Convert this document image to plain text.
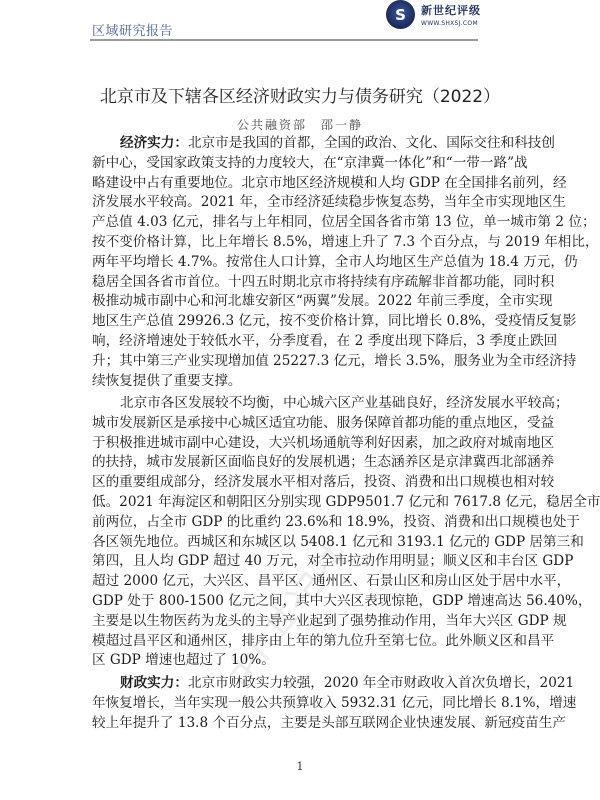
区域研究报告
S	新世纪评级
WWW.SHXSJ.COM
北京市及下辖各区经济财政实力与债务研究（2022）
公共融资部　邵一静
经济实力：北京市是我国的首都，全国的政治、文化、国际交往和科技创
新中心，受国家政策支持的力度较大，在“京津冀一体化”和“一带一路”战
略建设中占有重要地位。北京市地区经济规模和人均 GDP 在全国排名前列，经
济发展水平较高。2021 年，全市经济延续稳步恢复态势，当年全市实现地区生
产总值 4.03 亿元，排名与上年相同，位居全国各省市第 13 位，单一城市第 2 位；
按不变价格计算，比上年增长 8.5%，增速上升了 7.3 个百分点，与 2019 年相比，
两年平均增长 4.7%。按常住人口计算，全市人均地区生产总值为 18.4 万元，仍
稳居全国各省市首位。十四五时期北京市将持续有序疏解非首都功能，同时积
极推动城市副中心和河北雄安新区“两翼”发展。2022 年前三季度，全市实现
地区生产总值 29926.3 亿元，按不变价格计算，同比增长 0.8%，受疫情反复影
响，经济增速处于较低水平，分季度看，在 2 季度出现下降后，3 季度止跌回
升；其中第三产业实现增加值 25227.3 亿元，增长 3.5%，服务业为全市经济持
续恢复提供了重要支撑。
北京市各区发展较不均衡，中心城六区产业基础良好，经济发展水平较高；
城市发展新区是承接中心城区适宜功能、服务保障首都功能的重点地区，受益
于积极推进城市副中心建设，大兴机场通航等利好因素，加之政府对城南地区
的扶持，城市发展新区面临良好的发展机遇；生态涵养区是京津冀西北部涵养
区的重要组成部分，经济发展水平相对落后，投资、消费和出口规模也相对较
低。2021 年海淀区和朝阳区分别实现 GDP9501.7 亿元和 7617.8 亿元，稳居全市
前两位，占全市 GDP 的比重约 23.6%和 18.9%，投资、消费和出口规模也处于
各区领先地位。西城区和东城区以 5408.1 亿元和 3193.1 亿元的 GDP 居第三和
第四，且人均 GDP 超过 40 万元，对全市拉动作用明显；顺义区和丰台区 GDP
超过 2000 亿元，大兴区、昌平区、通州区、石景山区和房山区处于居中水平，
GDP 处于 800-1500 亿元之间，其中大兴区表现惊艳，GDP 增速高达 56.40%，
主要是以生物医药为龙头的主导产业起到了强势推动作用，当年大兴区 GDP 规
模超过昌平区和通州区，排序由上年的第九位升至第七位。此外顺义区和昌平
区 GDP 增速也超过了 10%。
财政实力：北京市财政实力较强，2020 年全市财政收入首次负增长，2021
年恢复增长，当年实现一般公共预算收入 5932.31 亿元，同比增长 8.1%，增速
较上年提升了 13.8 个百分点，主要是头部互联网企业快速发展、新冠疫苗生产
1
